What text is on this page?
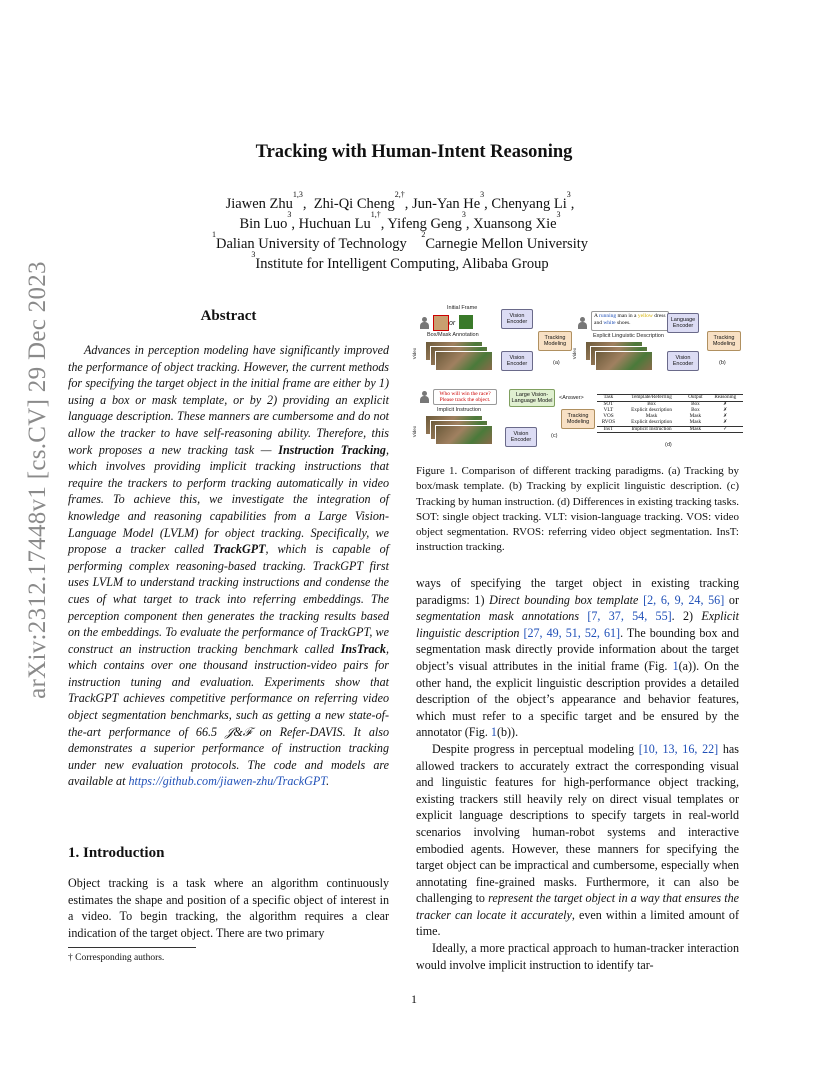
arXiv:2312.17448v1 [cs.CV] 29 Dec 2023
Tracking with Human-Intent Reasoning
Jiawen Zhu$^{1,3}$,  Zhi-Qi Cheng$^{2,\dagger}$, Jun-Yan He$^3$, Chenyang Li$^3$,
Bin Luo$^3$, Huchuan $Lu^{1,\dagger}$, Yifeng Geng$^3$, Xuansong Xie$^3$
$^1$Dalian University of Technology    $^2$Carnegie Mellon University
$^3$Institute for Intelligent Computing, Alibaba Group
Abstract

Advances in perception modeling have significantly improved the performance of object tracking. However, the current methods for specifying the target object in the initial frame are either by 1) using a box or mask template, or by 2) providing an explicit language description. These manners are cumbersome and do not allow the tracker to have self-reasoning ability. Therefore, this work proposes a new tracking task — Instruction Tracking, which involves providing implicit tracking instructions that require the trackers to perform tracking automatically in video frames. To achieve this, we investigate the integration of knowledge and reasoning capabilities from a Large Vision-Language Model (LVLM) for object tracking. Specifically, we propose a tracker called TrackGPT, which is capable of performing complex reasoning-based tracking. TrackGPT first uses LVLM to understand tracking instructions and condense the cues of what target to track into referring embeddings. The perception component then generates the tracking results based on the embeddings. To evaluate the performance of TrackGPT, we construct an instruction tracking benchmark called InsTrack, which contains over one thousand instruction-video pairs for instruction tuning and evaluation. Experiments show that TrackGPT achieves competitive performance on referring video object segmentation benchmarks, such as getting a new state-of-the-art performance of 66.5 𝒥&ℱ on Refer-DAVIS. It also demonstrates a superior performance of instruction tracking under new evaluation protocols. The code and models are available at https://github.com/jiawen-zhu/TrackGPT.

1. Introduction

Object tracking is a task where an algorithm continuously estimates the shape and position of a specific object of interest in a video. To begin tracking, the algorithm requires a clear indication of the target object. There are two primary

† Corresponding authors.
Initial Frame
or
Box/Mask Annotation
Video
Vision Encoder
Vision Encoder
Tracking Modeling
(a)
A running man in a yellow dress and white shoes.
Explicit Linguistic Description
Language Encoder
Video	Vision Encoder
Tracking Modeling
(b)
Who will win the race? Please track the object.
Implicit Instruction
Video
Large Vision-Language Model	<Answer>
Tracking Modeling
Vision Encoder
(c)
Task	Template/Referring	Output	Reasoning
SOT	Box	Box	✗
VLT	Explicit description	Box	✗
VOS	Mask	Mask	✗
RVOS	Explicit description	Mask	✗
InsT	Implicit Instruction	Mask	✓
(d)
Figure 1. Comparison of different tracking paradigms. (a) Tracking by box/mask template. (b) Tracking by explicit linguistic description. (c) Tracking by human instruction. (d) Differences in existing tracking tasks. SOT: single object tracking. VLT: vision-language tracking. VOS: video object segmentation. RVOS: referring video object segmentation. InsT: instruction tracking.

ways of specifying the target object in existing tracking paradigms: 1) Direct bounding box template [2, 6, 9, 24, 56] or segmentation mask annotations [7, 37, 54, 55]. 2) Explicit linguistic description [27, 49, 51, 52, 61]. The bounding box and segmentation mask directly provide information about the target object’s visual attributes in the initial frame (Fig. 1(a)). On the other hand, the explicit linguistic description provides a detailed description of the object’s appearance and behavior features, which must refer to a specific target and be ensured by the annotator (Fig. 1(b)).

Despite progress in perceptual modeling [10, 13, 16, 22] has allowed trackers to accurately extract the corresponding visual and linguistic features for high-performance object tracking, existing trackers still heavily rely on direct visual templates or explicit language descriptions to specify targets in real-world scenarios involving human-robot systems and interactive embodied agents. However, these manners for specifying the target object can be impractical and cumbersome, especially when annotating fine-grained masks. Furthermore, it can also be challenging to represent the target object in a way that ensures the tracker can locate it accurately, even within a limited amount of time.

Ideally, a more practical approach to human-tracker interaction would involve implicit instruction to identify tar-

1
